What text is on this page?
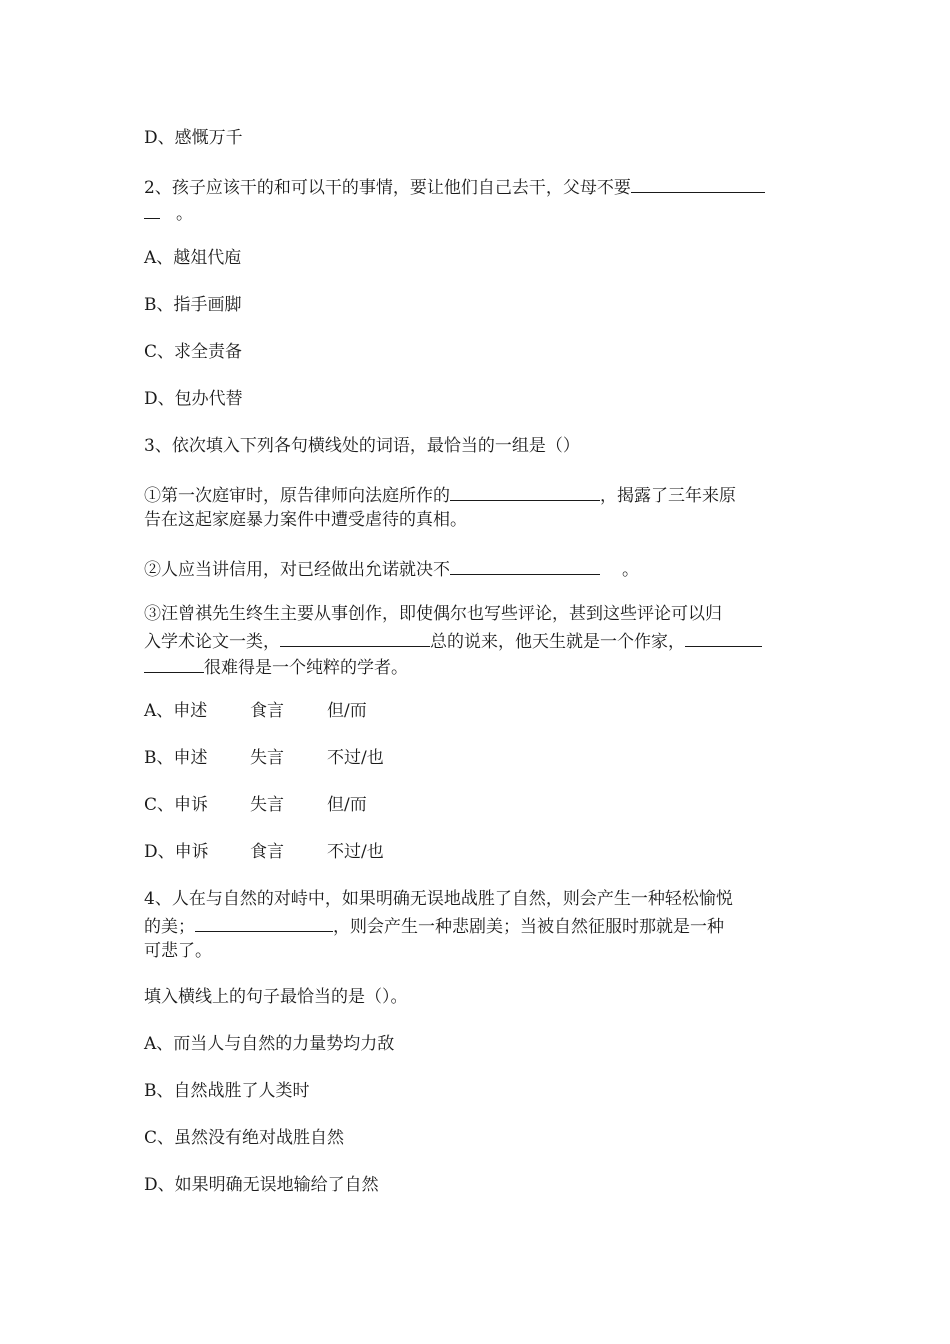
D、感慨万千
2、孩子应该干的和可以干的事情，要让他们自己去干，父母不要
。
A、越俎代庖
B、指手画脚
C、求全责备
D、包办代替
3、依次填入下列各句横线处的词语，最恰当的一组是（）
①第一次庭审时，原告律师向法庭所作的	，揭露了三年来原
告在这起家庭暴力案件中遭受虐待的真相。
②人应当讲信用，对已经做出允诺就决不	。
③汪曾祺先生终生主要从事创作，即使偶尔也写些评论，甚到这些评论可以归
入学术论文一类，	总的说来，他天生就是一个作家，
很难得是一个纯粹的学者。
A、申述	食言	但/而
B、申述	失言	不过/也
C、申诉 失言	但/而
D、申诉 食言	不过/也
4、人在与自然的对峙中，如果明确无误地战胜了自然，则会产生一种轻松愉悦
的美；	，则会产生一种悲剧美；当被自然征服时那就是一种
可悲了。
填入横线上的句子最恰当的是（）。
A、而当人与自然的力量势均力敌
B、自然战胜了人类时
C、虽然没有绝对战胜自然
D、如果明确无误地输给了自然
